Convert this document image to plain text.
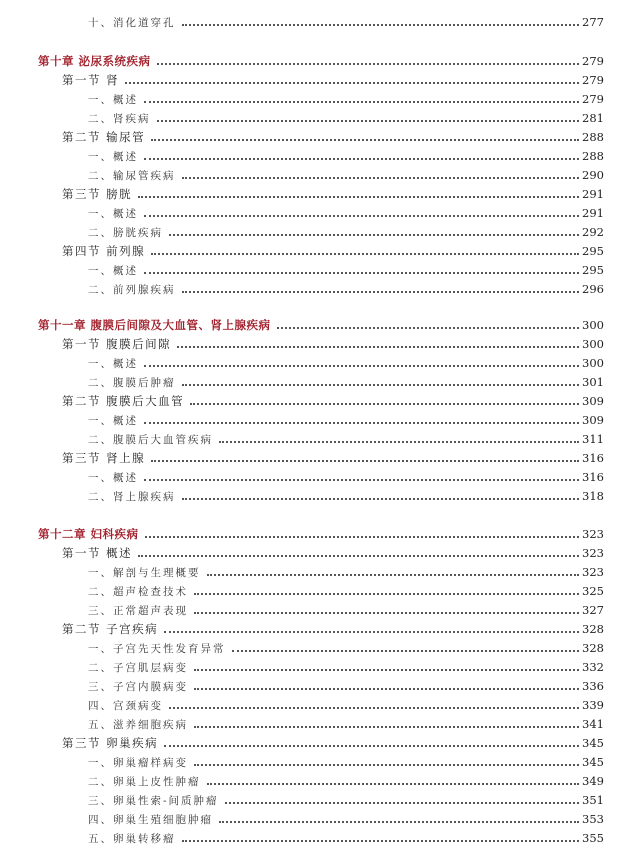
十、消化道穿孔	277
第十章 泌尿系统疾病	279
第一节 肾	279
一、概述	279
二、肾疾病	281
第二节 输尿管	288
一、概述	288
二、输尿管疾病	290
第三节 膀胱	291
一、概述	291
二、膀胱疾病	292
第四节 前列腺	295
一、概述	295
二、前列腺疾病	296
第十一章 腹膜后间隙及大血管、肾上腺疾病	300
第一节 腹膜后间隙	300
一、概述	300
二、腹膜后肿瘤	301
第二节 腹膜后大血管	309
一、概述	309
二、腹膜后大血管疾病	311
第三节 肾上腺	316
一、概述	316
二、肾上腺疾病	318
第十二章 妇科疾病	323
第一节 概述	323
一、解剖与生理概要	323
二、超声检查技术	325
三、正常超声表现	327
第二节 子宫疾病	328
一、子宫先天性发育异常	328
二、子宫肌层病变	332
三、子宫内膜病变	336
四、宫颈病变	339
五、滋养细胞疾病	341
第三节 卵巢疾病	345
一、卵巢瘤样病变	345
二、卵巢上皮性肿瘤	349
三、卵巢性索-间质肿瘤	351
四、卵巢生殖细胞肿瘤	353
五、卵巢转移瘤	355
